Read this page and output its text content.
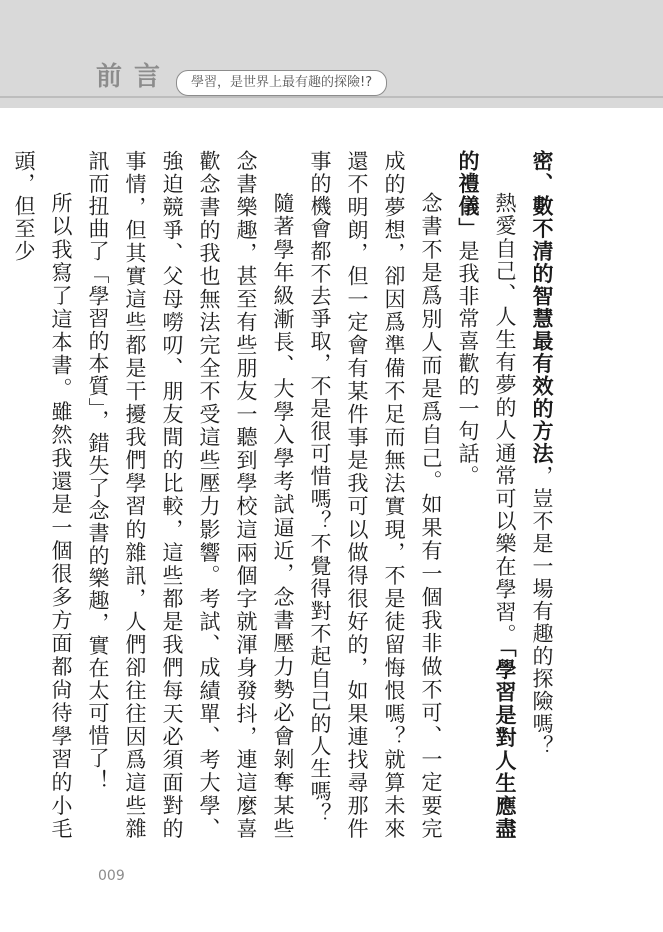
前言	學習，是世界上最有趣的探險!?

密、數不清的智慧最有效的方法，豈不是一場有趣的探險嗎？

熱愛自己、人生有夢的人通常可以樂在學習。「學習是對人生應盡的禮儀」是我非常喜歡的一句話。

念書不是爲別人而是爲自己。如果有一個我非做不可、一定要完成的夢想，卻因爲準備不足而無法實現，不是徒留悔恨嗎？就算未來還不明朗，但一定會有某件事是我可以做得很好的，如果連找尋那件事的機會都不去爭取，不是很可惜嗎？不覺得對不起自己的人生嗎？

隨著學年級漸長、大學入學考試逼近，念書壓力勢必會剝奪某些念書樂趣，甚至有些朋友一聽到學校這兩個字就渾身發抖，連這麼喜歡念書的我也無法完全不受這些壓力影響。考試、成績單、考大學、強迫競爭、父母嘮叨、朋友間的比較，這些都是我們每天必須面對的事情，但其實這些都是干擾我們學習的雜訊，人們卻往往因爲這些雜訊而扭曲了「學習的本質」，錯失了念書的樂趣，實在太可惜了！

所以我寫了這本書。雖然我還是一個很多方面都尙待學習的小毛頭，但至少

009
